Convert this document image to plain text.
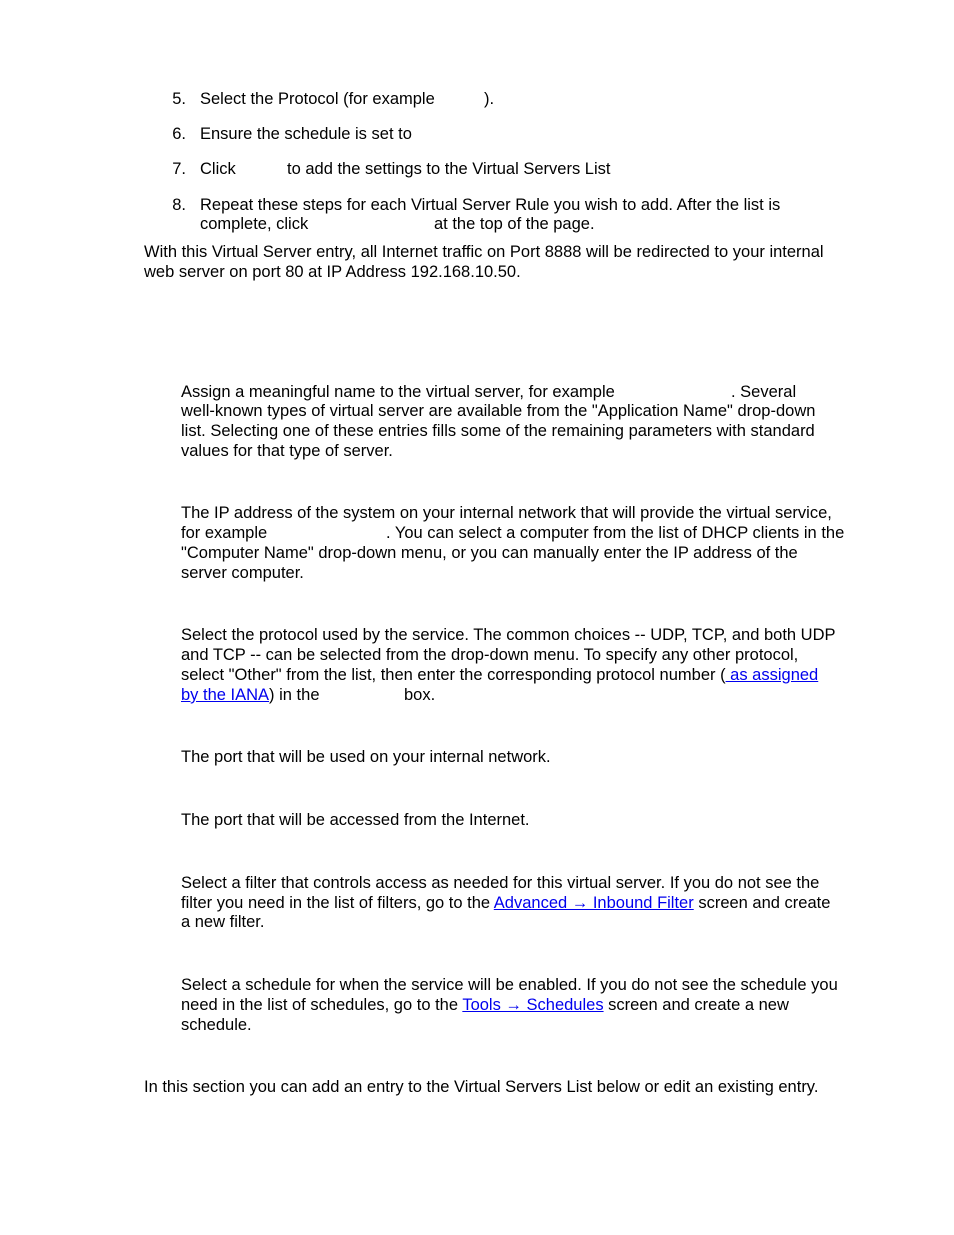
5. Select the Protocol (for example	).
6. Ensure the schedule is set to
7. Click	to add the settings to the Virtual Servers List
8. Repeat these steps for each Virtual Server Rule you wish to add. After the list is
complete, click	at the top of the page.
With this Virtual Server entry, all Internet traffic on Port 8888 will be redirected to your internal
web server on port 80 at IP Address 192.168.10.50.
Assign a meaningful name to the virtual server, for example	. Several
well-known types of virtual server are available from the "Application Name" drop-down
list. Selecting one of these entries fills some of the remaining parameters with standard
values for that type of server.
The IP address of the system on your internal network that will provide the virtual service,
for example	. You can select a computer from the list of DHCP clients in the
"Computer Name" drop-down menu, or you can manually enter the IP address of the
server computer.
Select the protocol used by the service. The common choices -- UDP, TCP, and both UDP
and TCP -- can be selected from the drop-down menu. To specify any other protocol,
select "Other" from the list, then enter the corresponding protocol number ( as assigned
by the IANA) in the	box.
The port that will be used on your internal network.
The port that will be accessed from the Internet.
Select a filter that controls access as needed for this virtual server. If you do not see the
filter you need in the list of filters, go to the Advanced → Inbound Filter screen and create
a new filter.
Select a schedule for when the service will be enabled. If you do not see the schedule you
need in the list of schedules, go to the Tools → Schedules screen and create a new
schedule.
In this section you can add an entry to the Virtual Servers List below or edit an existing entry.
